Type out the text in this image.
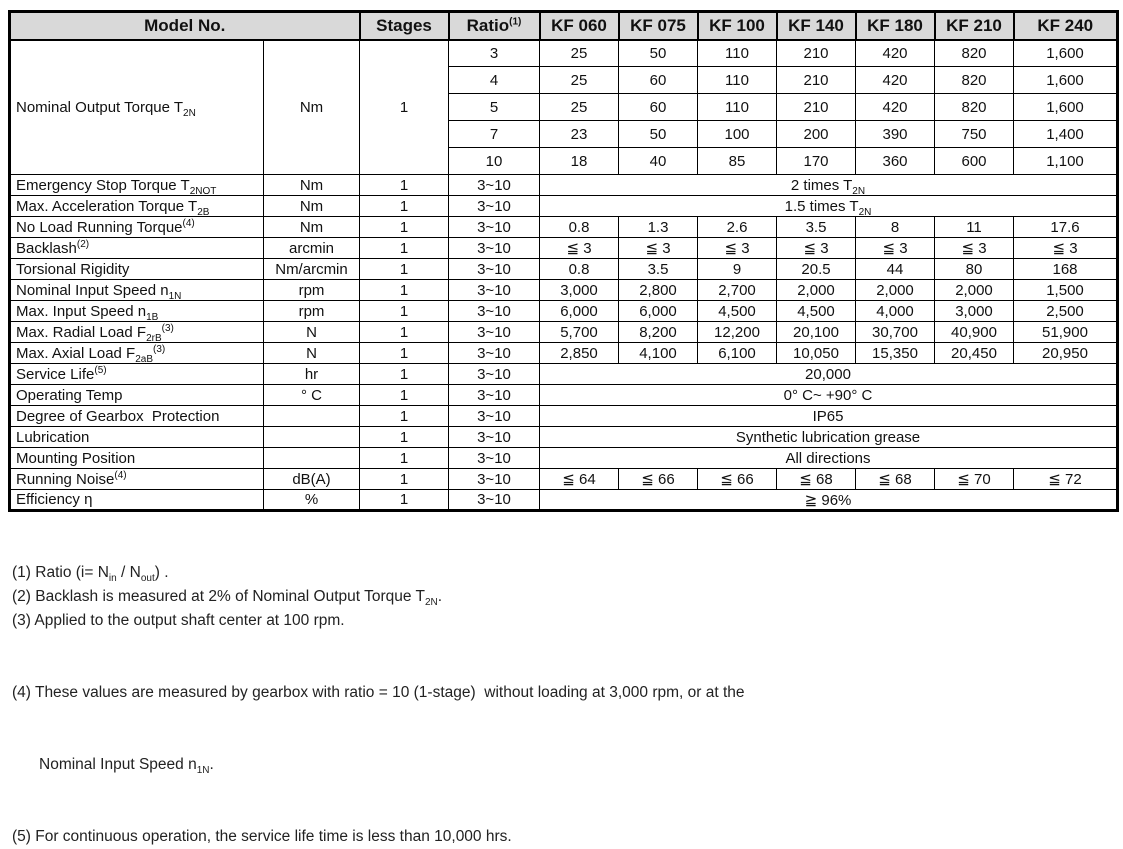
Model No.		Stages	Ratio$^{(1)}$	KF 060	KF 075	KF 100	KF 140	KF 180	KF 210	KF 240
Nominal Output Torque $T_{2N}$	Nm	1	3	25	50	110	210	420	820	1,600
			4	25	60	110	210	420	820	1,600
			5	25	60	110	210	420	820	1,600
			7	23	50	100	200	390	750	1,400
			10	18	40	85	170	360	600	1,100
Emergency Stop Torque $T_{2NOT}$	Nm	1	3~10	2 times $T_{2N}$
Max. Acceleration Torque $T_{2B}$	Nm	1	3~10	1.5 times $T_{2N}$
No Load Running Torque$^{(4)}$	Nm	1	3~10	0.8	1.3	2.6	3.5	8	11	17.6
Backlash$^{(2)}$	arcmin	1	3~10	≦ 3	≦ 3	≦ 3	≦ 3	≦ 3	≦ 3	≦ 3
Torsional Rigidity	Nm/arcmin	1	3~10	0.8	3.5	9	20.5	44	80	168
Nominal Input Speed $n_{1N}$	rpm	1	3~10	3,000	2,800	2,700	2,000	2,000	2,000	1,500
Max. Input Speed $n_{1B}$	rpm	1	3~10	6,000	6,000	4,500	4,500	4,000	3,000	2,500
Max. Radial Load $F_{2rB}^{(3)}$	N	1	3~10	5,700	8,200	12,200	20,100	30,700	40,900	51,900
Max. Axial Load $F_{2aB}^{(3)}$	N	1	3~10	2,850	4,100	6,100	10,050	15,350	20,450	20,950
Service Life$^{(5)}$	hr	1	3~10	20,000						
Operating Temp	° C	1	3~10	0° C~ +90° C						
Degree of Gearbox  Protection		1	3~10	IP65						
Lubrication		1	3~10	Synthetic lubrication grease						
Mounting Position		1	3~10	All directions						
Running Noise$^{(4)}$	dB(A)	1	3~10	≦ 64	≦ 66	≦ 66	≦ 68	≦ 68	≦ 70	≦ 72
Efficiency η	%	1	3~10	≧ 96%						
(1) Ratio $(i= N_{in} / N_{out})$ .
(2) Backlash is measured at 2% of Nominal Output Torque $T_{2N}$.
(3) Applied to the output shaft center at 100 rpm.

(4) These values are measured by gearbox with ratio = 10 (1-stage)  without loading at 3,000 rpm, or at the

Nominal Input Speed $n_{1N}$.

(5) For continuous operation, the service life time is less than 10,000 hrs.
